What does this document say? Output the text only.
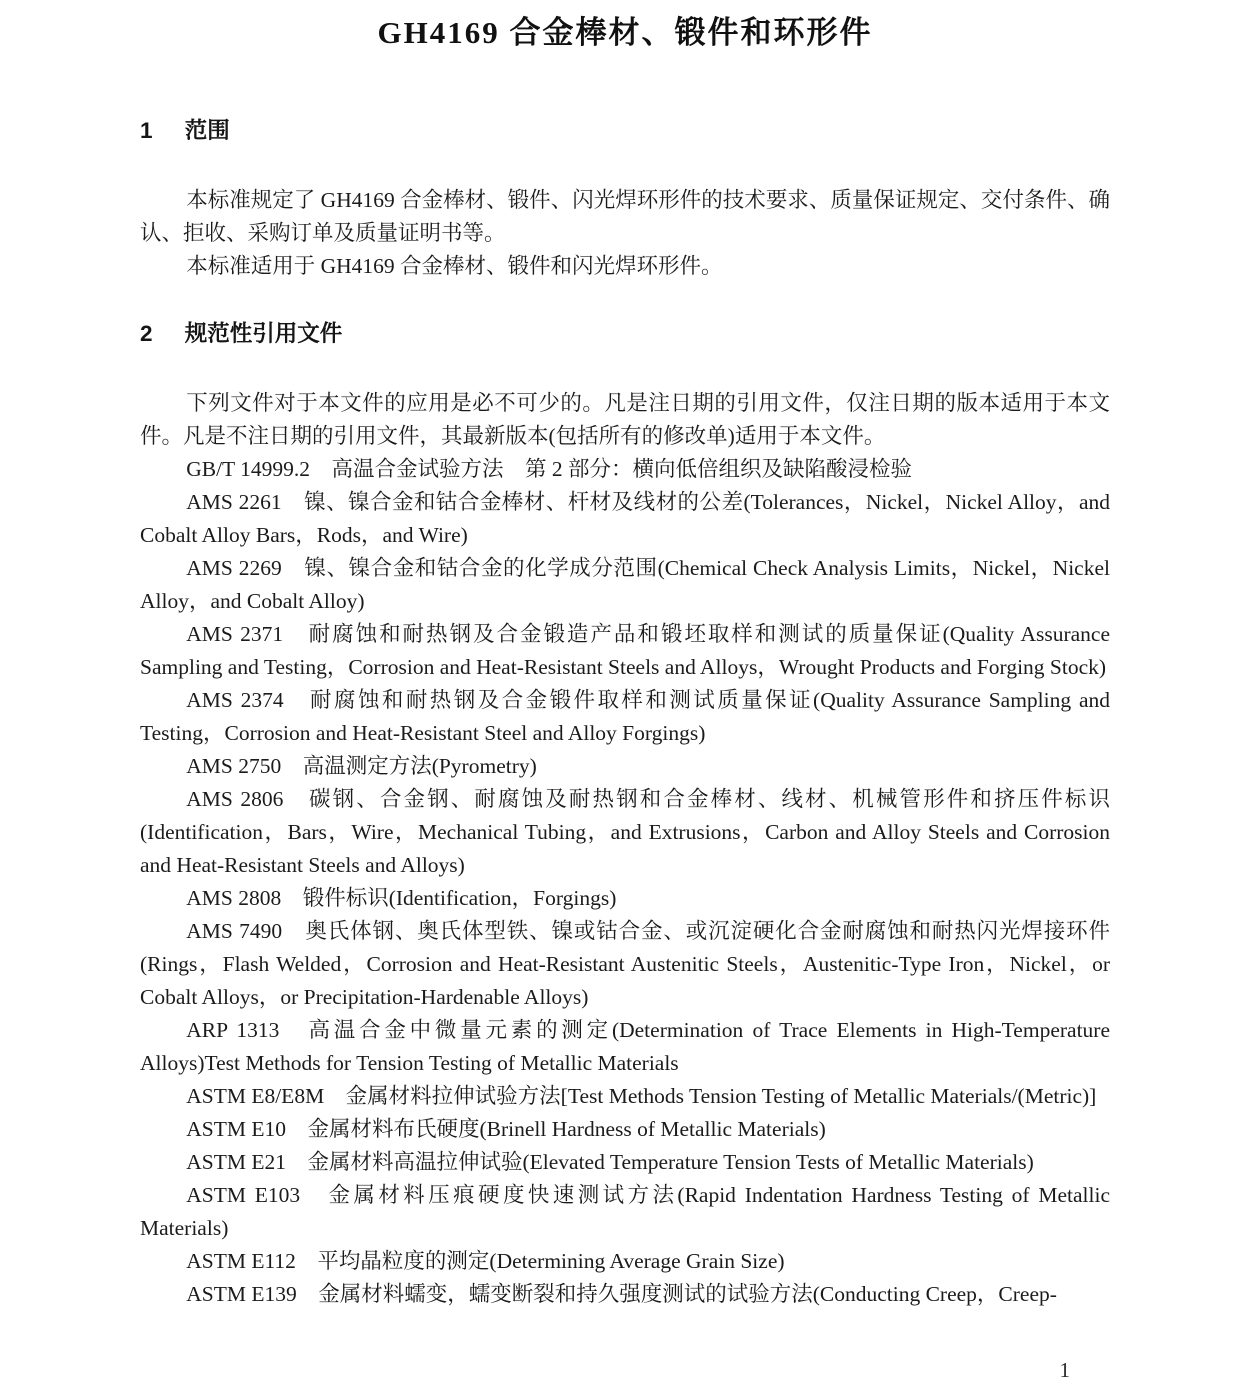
GH4169 合金棒材、锻件和环形件
1 范围

本标准规定了 GH4169 合金棒材、锻件、闪光焊环形件的技术要求、质量保证规定、交付条件、确认、拒收、采购订单及质量证明书等。

本标准适用于 GH4169 合金棒材、锻件和闪光焊环形件。

2 规范性引用文件

下列文件对于本文件的应用是必不可少的。凡是注日期的引用文件，仅注日期的版本适用于本文件。凡是不注日期的引用文件，其最新版本(包括所有的修改单)适用于本文件。

GB/T 14999.2　高温合金试验方法　第 2 部分：横向低倍组织及缺陷酸浸检验

AMS 2261　镍、镍合金和钴合金棒材、杆材及线材的公差(Tolerances，Nickel，Nickel Alloy，and Cobalt Alloy Bars，Rods，and Wire)

AMS 2269　镍、镍合金和钴合金的化学成分范围(Chemical Check Analysis Limits，Nickel，Nickel Alloy，and Cobalt Alloy)

AMS 2371　耐腐蚀和耐热钢及合金锻造产品和锻坯取样和测试的质量保证(Quality Assurance Sampling and Testing，Corrosion and Heat-Resistant Steels and Alloys，Wrought Products and Forging Stock)

AMS 2374　耐腐蚀和耐热钢及合金锻件取样和测试质量保证(Quality Assurance Sampling and Testing，Corrosion and Heat-Resistant Steel and Alloy Forgings)

AMS 2750　高温测定方法(Pyrometry)

AMS 2806　碳钢、合金钢、耐腐蚀及耐热钢和合金棒材、线材、机械管形件和挤压件标识(Identification，Bars，Wire，Mechanical Tubing，and Extrusions，Carbon and Alloy Steels and Corrosion and Heat-Resistant Steels and Alloys)

AMS 2808　锻件标识(Identification，Forgings)

AMS 7490　奥氏体钢、奥氏体型铁、镍或钴合金、或沉淀硬化合金耐腐蚀和耐热闪光焊接环件(Rings，Flash Welded，Corrosion and Heat-Resistant Austenitic Steels，Austenitic-Type Iron，Nickel，or Cobalt Alloys，or Precipitation-Hardenable Alloys)

ARP 1313　高温合金中微量元素的测定(Determination of Trace Elements in High-Temperature Alloys)Test Methods for Tension Testing of Metallic Materials

ASTM E8/E8M　金属材料拉伸试验方法[Test Methods Tension Testing of Metallic Materials/(Metric)]

ASTM E10　金属材料布氏硬度(Brinell Hardness of Metallic Materials)

ASTM E21　金属材料高温拉伸试验(Elevated Temperature Tension Tests of Metallic Materials)

ASTM E103　金属材料压痕硬度快速测试方法(Rapid Indentation Hardness Testing of Metallic Materials)

ASTM E112　平均晶粒度的测定(Determining Average Grain Size)

ASTM E139　金属材料蠕变，蠕变断裂和持久强度测试的试验方法(Conducting Creep，Creep-

1
